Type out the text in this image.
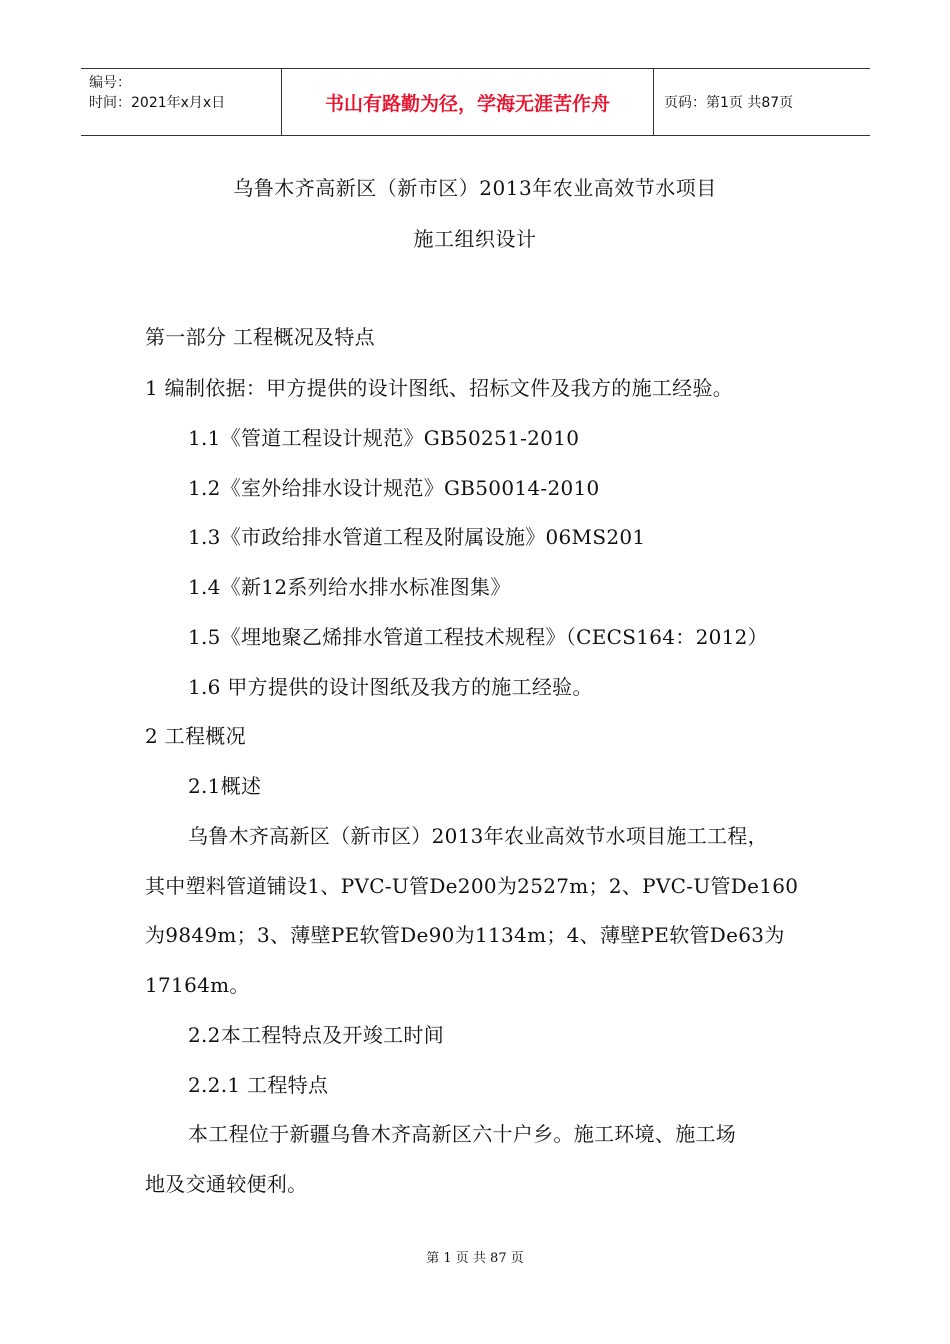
编号：
时间：2021年x月x日	书山有路勤为径，学海无涯苦作舟	页码：第1页 共87页
乌鲁木齐高新区（新市区）2013年农业高效节水项目
施工组织设计
第一部分 工程概况及特点
1 编制依据：甲方提供的设计图纸、招标文件及我方的施工经验。
1.1《管道工程设计规范》GB50251-2010
1.2《室外给排水设计规范》GB50014-2010
1.3《市政给排水管道工程及附属设施》06MS201
1.4《新12系列给水排水标准图集》
1.5《埋地聚乙烯排水管道工程技术规程》（CECS164：2012）
1.6 甲方提供的设计图纸及我方的施工经验。
2 工程概况
2.1概述
乌鲁木齐高新区（新市区）2013年农业高效节水项目施工工程，
其中塑料管道铺设1、PVC-U管De200为2527m；2、PVC-U管De160
为9849m；3、薄壁PE软管De90为1134m；4、薄壁PE软管De63为
17164m。
2.2本工程特点及开竣工时间
2.2.1 工程特点
本工程位于新疆乌鲁木齐高新区六十户乡。施工环境、施工场
地及交通较便利。
第 1 页 共 87 页
